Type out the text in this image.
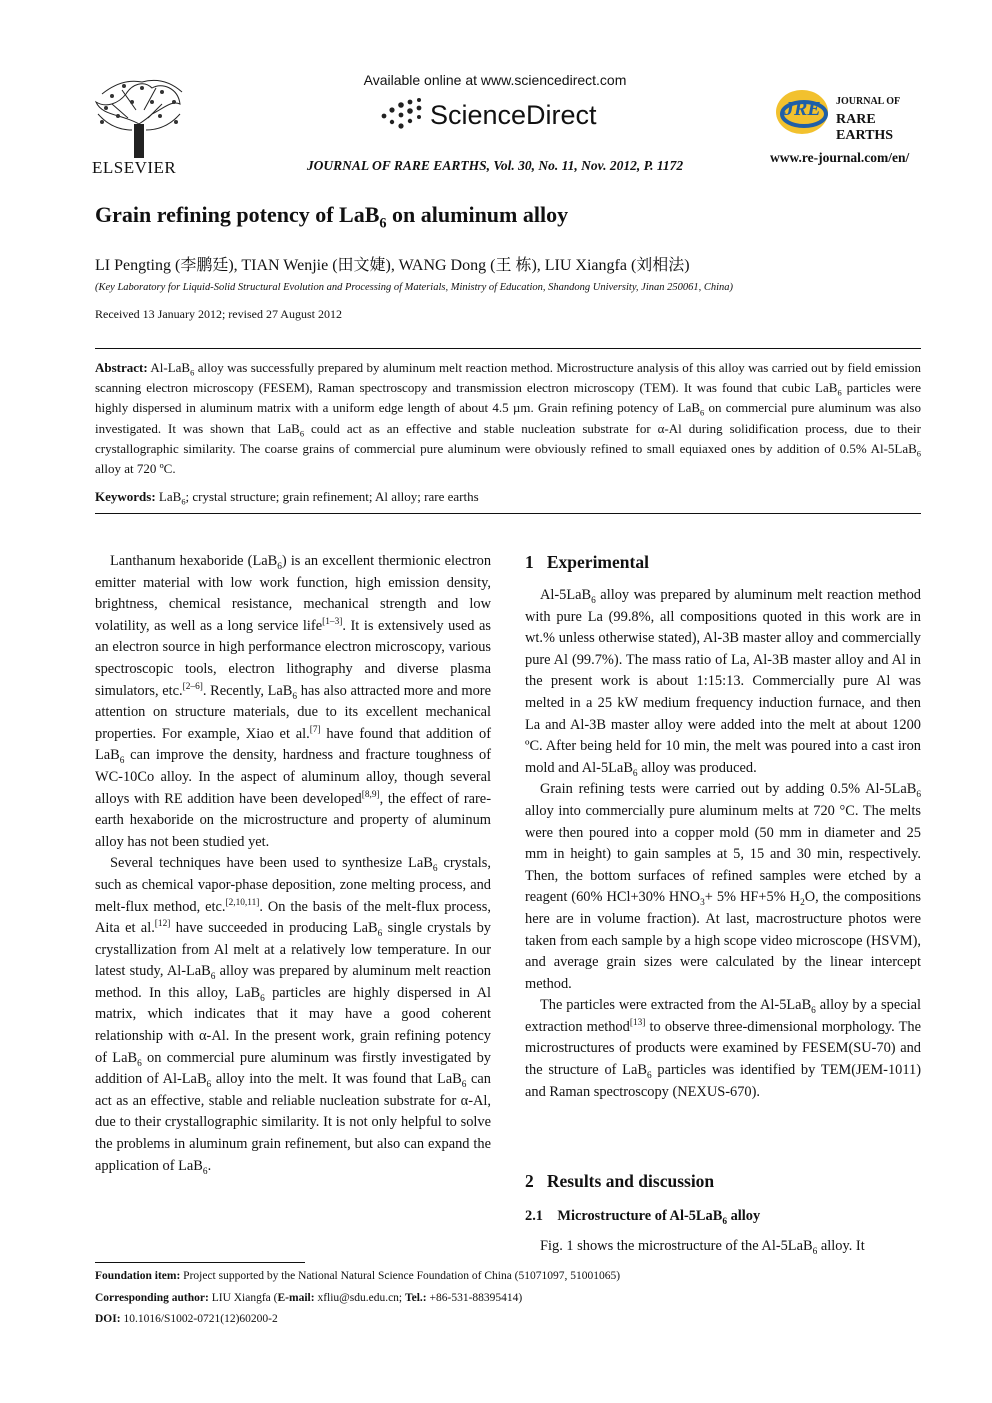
ELSEVIER
Available online at www.sciencedirect.com
ScienceDirect
JOURNAL OF RARE EARTHS, Vol. 30, No. 11, Nov. 2012, P. 1172
JRE JOURNAL OF
RARE EARTHS
www.re-journal.com/en/
Grain refining potency of LaB$_6$ on aluminum alloy
LI Pengting (李鹏廷), TIAN Wenjie (田文婕), WANG Dong (王 栋), LIU Xiangfa (刘相法)
(Key Laboratory for Liquid-Solid Structural Evolution and Processing of Materials, Ministry of Education, Shandong University, Jinan 250061, China)
Received 13 January 2012; revised 27 August 2012
Abstract: Al-LaB$_6$ alloy was successfully prepared by aluminum melt reaction method. Microstructure analysis of this alloy was carried out by field emission scanning electron microscopy (FESEM), Raman spectroscopy and transmission electron microscopy (TEM). It was found that cubic LaB$_6$ particles were highly dispersed in aluminum matrix with a uniform edge length of about 4.5 µm. Grain refining potency of LaB$_6$ on commercial pure aluminum was also investigated. It was shown that LaB$_6$ could act as an effective and stable nucleation substrate for α-Al during solidification process, due to their crystallographic similarity. The coarse grains of commercial pure aluminum were obviously refined to small equiaxed ones by addition of 0.5% Al-5LaB$_6$ alloy at 720 ºC.
Keywords: LaB$_6$; crystal structure; grain refinement; Al alloy; rare earths

Lanthanum hexaboride (LaB$_6$) is an excellent thermionic electron emitter material with low work function, high emission density, brightness, chemical resistance, mechanical strength and low volatility, as well as a long service life[1–3]. It is extensively used as an electron source in high performance electron microscopy, various spectroscopic tools, electron lithography and diverse plasma simulators, etc.[2–6]. Recently, LaB$_6$ has also attracted more and more attention on structure materials, due to its excellent mechanical properties. For example, Xiao et al.[7] have found that addition of LaB$_6$ can improve the density, hardness and fracture toughness of WC-10Co alloy. In the aspect of aluminum alloy, though several alloys with RE addition have been developed[8,9], the effect of rare-earth hexaboride on the microstructure and property of aluminum alloy has not been studied yet.

Several techniques have been used to synthesize LaB$_6$ crystals, such as chemical vapor-phase deposition, zone melting process, and melt-flux method, etc.[2,10,11]. On the basis of the melt-flux process, Aita et al.[12] have succeeded in producing LaB$_6$ single crystals by crystallization from Al melt at a relatively low temperature. In our latest study, Al-LaB$_6$ alloy was prepared by aluminum melt reaction method. In this alloy, LaB$_6$ particles are highly dispersed in Al matrix, which indicates that it may have a good coherent relationship with α-Al. In the present work, grain refining potency of LaB$_6$ on commercial pure aluminum was firstly investigated by addition of Al-LaB$_6$ alloy into the melt. It was found that LaB$_6$ can act as an effective, stable and reliable nucleation substrate for α-Al, due to their crystallographic similarity. It is not only helpful to solve the problems in aluminum grain refinement, but also can expand the application of LaB$_6$.

1 Experimental

Al-5LaB$_6$ alloy was prepared by aluminum melt reaction method with pure La (99.8%, all compositions quoted in this work are in wt.% unless otherwise stated), Al-3B master alloy and commercially pure Al (99.7%). The mass ratio of La, Al-3B master alloy and Al in the present work is about 1:15:13. Commercially pure Al was melted in a 25 kW medium frequency induction furnace, and then La and Al-3B master alloy were added into the melt at about 1200 ºC. After being held for 10 min, the melt was poured into a cast iron mold and Al-5LaB$_6$ alloy was produced.

Grain refining tests were carried out by adding 0.5% Al-5LaB$_6$ alloy into commercially pure aluminum melts at 720 °C. The melts were then poured into a copper mold (50 mm in diameter and 25 mm in height) to gain samples at 5, 15 and 30 min, respectively. Then, the bottom surfaces of refined samples were etched by a reagent (60% HCl+30% $HNO_3+ 5\%$ HF+5% $H_2O$, the compositions here are in volume fraction). At last, macrostructure photos were taken from each sample by a high scope video microscope (HSVM), and average grain sizes were calculated by the linear intercept method.

The particles were extracted from the Al-5LaB$_6$ alloy by a special extraction method[13] to observe three-dimensional morphology. The microstructures of products were examined by FESEM(SU-70) and the structure of LaB$_6$ particles was identified by TEM(JEM-1011) and Raman spectroscopy (NEXUS-670).

2 Results and discussion
2.1 Microstructure of Al-5LaB$_6$ alloy

Fig. 1 shows the microstructure of the Al-5LaB$_6$ alloy. It

Foundation item: Project supported by the National Natural Science Foundation of China (51071097, 51001065)
Corresponding author: LIU Xiangfa (E-mail: xfliu@sdu.edu.cn; Tel.: +86-531-88395414)
DOI: 10.1016/S1002-0721(12)60200-2
